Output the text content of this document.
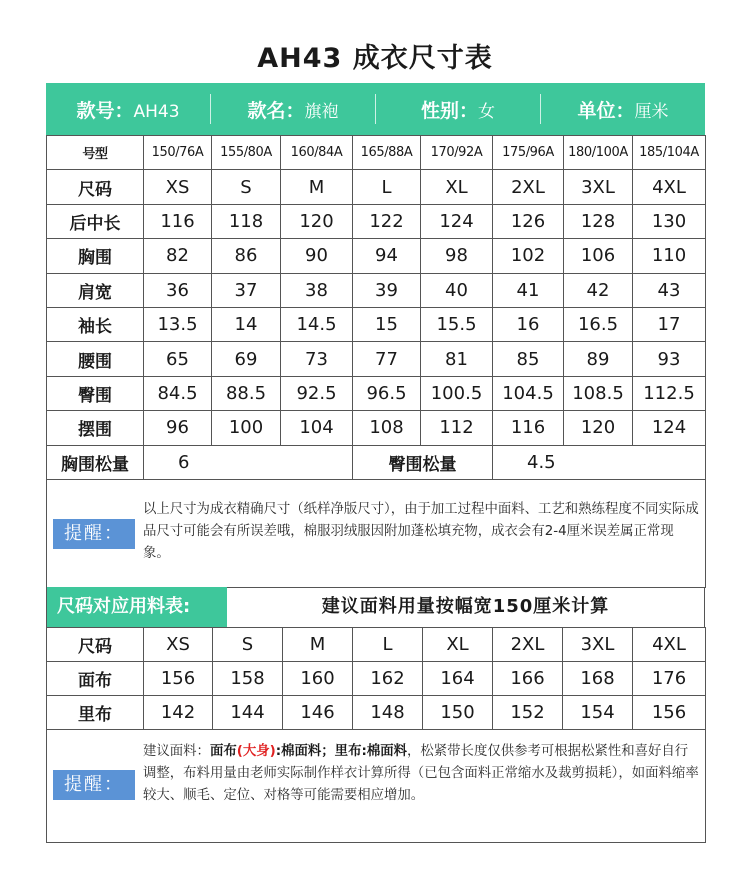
AH43 成衣尺寸表
款号：AH43	款名：旗袍	性别：女	单位：厘米
号型	150/76A	155/80A	160/84A	165/88A	170/92A	175/96A	180/100A	185/104A
尺码	XS	S	M	L	XL	2XL	3XL	4XL
后中长	116	118	120	122	124	126	128	130
胸围	82	86	90	94	98	102	106	110
肩宽	36	37	38	39	40	41	42	43
袖长	13.5	14	14.5	15	15.5	16	16.5	17
腰围	65	69	73	77	81	85	89	93
臀围	84.5	88.5	92.5	96.5	100.5	104.5	108.5	112.5
摆围	96	100	104	108	112	116	120	124
胸围松量	6			臀围松量		4.5		
提醒：
以上尺寸为成衣精确尺寸（纸样净版尺寸），由于加工过程中面料、工艺和熟练程度不同实际成品尺寸可能会有所误差哦，棉服羽绒服因附加蓬松填充物，成衣会有2-4厘米误差属正常现象。
尺码对应用料表:	建议面料用量按幅宽150厘米计算
尺码	XS	S	M	L	XL	2XL	3XL	4XL
面布	156	158	160	162	164	166	168	176
里布	142	144	146	148	150	152	154	156
提醒：
建议面料：面布(大身):棉面料；里布:棉面料，松紧带长度仅供参考可根据松紧性和喜好自行调整，布料用量由老师实际制作样衣计算所得（已包含面料正常缩水及裁剪损耗），如面料缩率较大、顺毛、定位、对格等可能需要相应增加。
